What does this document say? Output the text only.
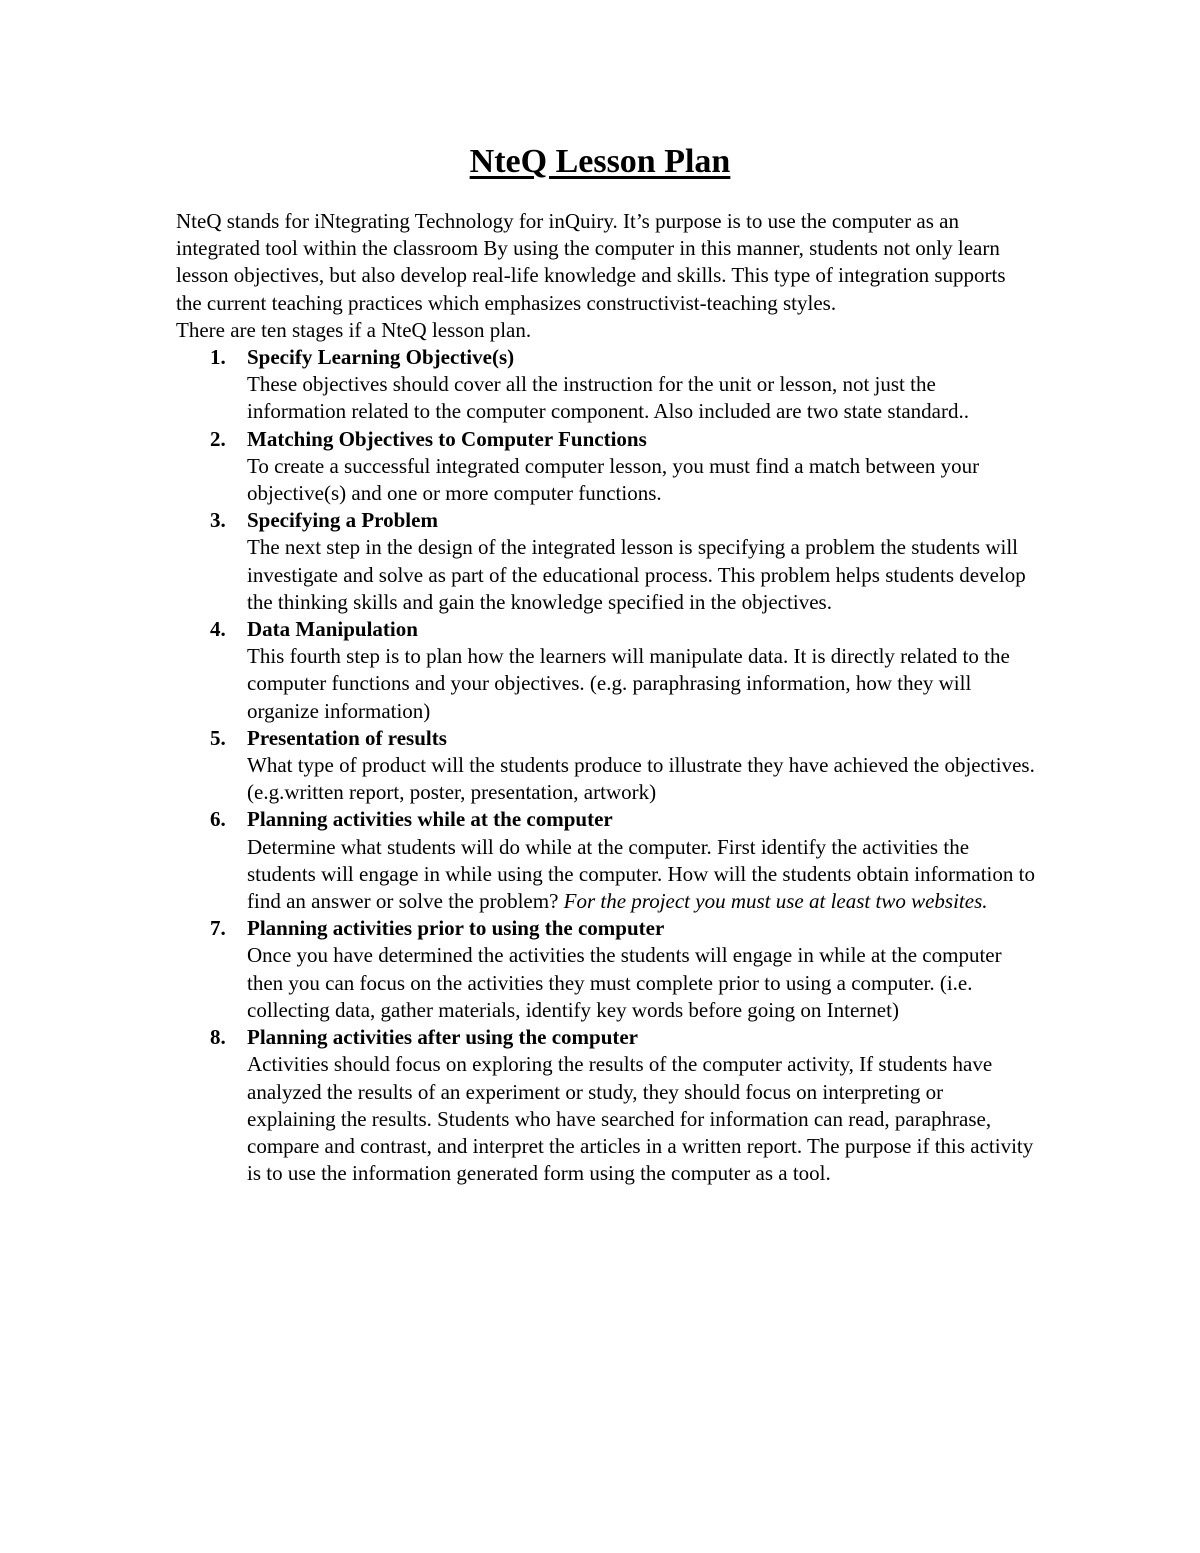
NteQ Lesson Plan

NteQ stands for iNtegrating Technology for inQuiry. It’s purpose is to use the computer as an integrated tool within the classroom By using the computer in this manner, students not only learn lesson objectives, but also develop real-life knowledge and skills. This type of integration supports the current teaching practices which emphasizes constructivist-teaching styles.

There are ten stages if a NteQ lesson plan.

1. Specify Learning Objective(s)
These objectives should cover all the instruction for the unit or lesson, not just the information related to the computer component. Also included are two state standard..
2. Matching Objectives to Computer Functions
To create a successful integrated computer lesson, you must find a match between your objective(s) and one or more computer functions.
3. Specifying a Problem
The next step in the design of the integrated lesson is specifying a problem the students will investigate and solve as part of the educational process. This problem helps students develop the thinking skills and gain the knowledge specified in the objectives.
4. Data Manipulation
This fourth step is to plan how the learners will manipulate data. It is directly related to the computer functions and your objectives. (e.g. paraphrasing information, how they will organize information)
5. Presentation of results
What type of product will the students produce to illustrate they have achieved the objectives. (e.g.written report, poster, presentation, artwork)
6. Planning activities while at the computer
Determine what students will do while at the computer. First identify the activities the students will engage in while using the computer. How will the students obtain information to find an answer or solve the problem? For the project you must use at least two websites.
7. Planning activities prior to using the computer
Once you have determined the activities the students will engage in while at the computer then you can focus on the activities they must complete prior to using a computer. (i.e. collecting data, gather materials, identify key words before going on Internet)
8. Planning activities after using the computer
Activities should focus on exploring the results of the computer activity, If students have analyzed the results of an experiment or study, they should focus on interpreting or explaining the results. Students who have searched for information can read, paraphrase, compare and contrast, and interpret the articles in a written report. The purpose if this activity is to use the information generated form using the computer as a tool.
